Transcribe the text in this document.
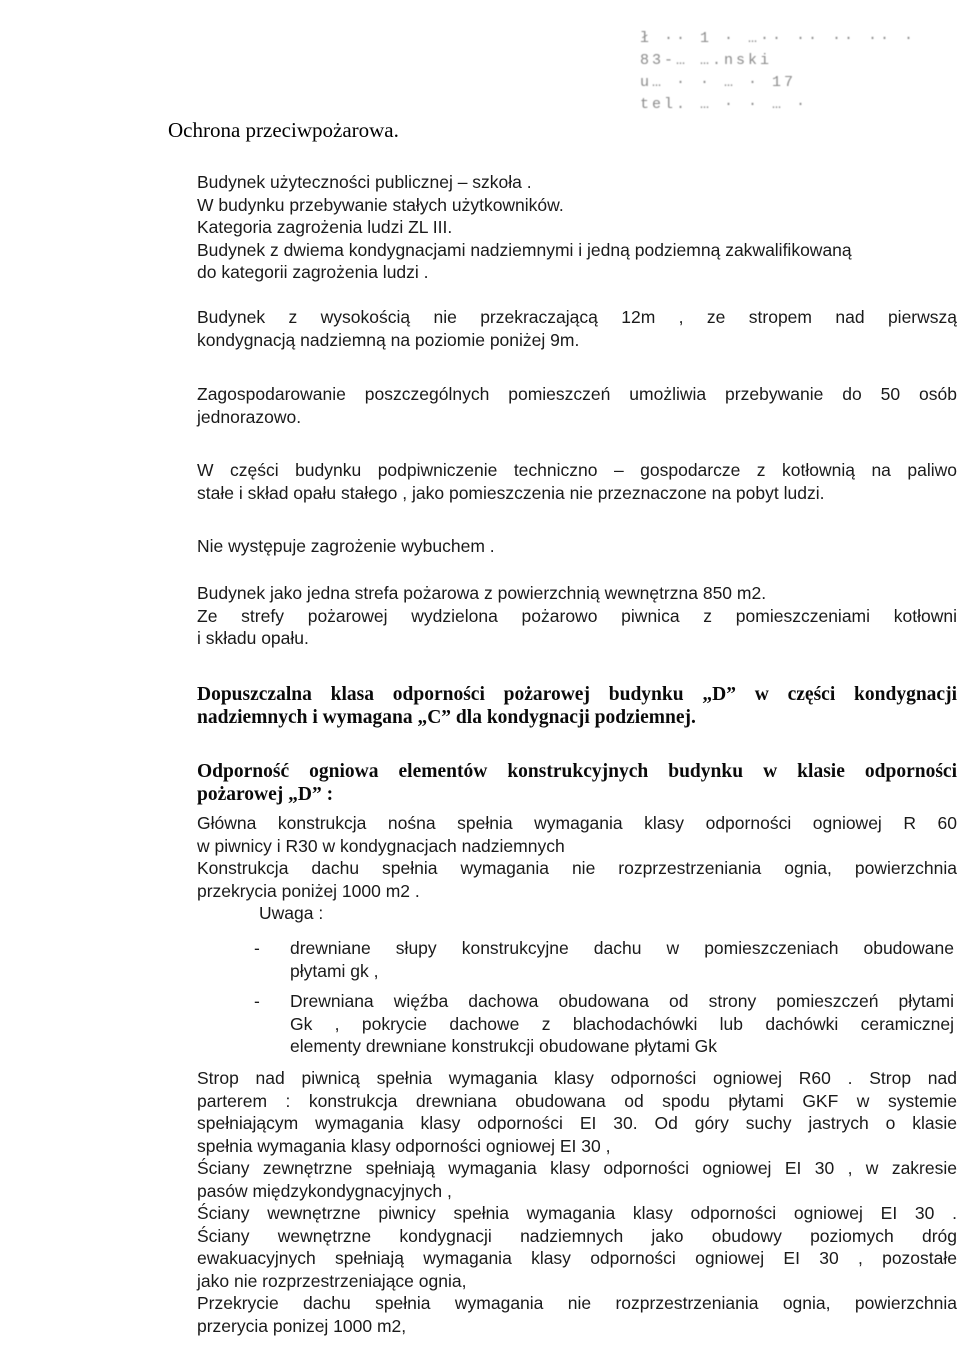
ł ·· 1 · …·· ·· ·· ·· ·
83-… ….nski
u… · · … · 17
tel. … · · … ·
Ochrona przeciwpożarowa.
Budynek użyteczności publicznej – szkoła .
W budynku przebywanie stałych użytkowników.
Kategoria zagrożenia ludzi ZL III.
Budynek z dwiema kondygnacjami nadziemnymi i jedną podziemną zakwalifikowaną
do kategorii zagrożenia ludzi .
Budynek z wysokością nie przekraczającą 12m , ze stropem nad pierwszą
kondygnacją nadziemną na poziomie poniżej 9m.
Zagospodarowanie poszczególnych pomieszczeń umożliwia przebywanie do 50 osób
jednorazowo.
W części budynku podpiwniczenie techniczno – gospodarcze z kotłownią na paliwo
stałe i skład opału stałego , jako pomieszczenia nie przeznaczone na pobyt ludzi.
Nie występuje zagrożenie wybuchem .
Budynek jako jedna strefa pożarowa z powierzchnią wewnętrzna 850 m2.
Ze strefy pożarowej wydzielona pożarowo piwnica z pomieszczeniami kotłowni
i składu opału.
Dopuszczalna klasa odporności pożarowej budynku „D” w części kondygnacji
nadziemnych i wymagana „C” dla kondygnacji podziemnej.
Odporność ogniowa elementów konstrukcyjnych budynku w klasie odporności
pożarowej „D” :
Główna konstrukcja nośna spełnia wymagania klasy odporności ogniowej R 60
w piwnicy i R30 w kondygnacjach nadziemnych
Konstrukcja dachu spełnia wymagania nie rozprzestrzeniania ognia, powierzchnia
przekrycia poniżej 1000 m2 .
Uwaga :
- drewniane słupy konstrukcyjne dachu w pomieszczeniach obudowane
płytami gk ,
- Drewniana więźba dachowa obudowana od strony pomieszczeń płytami
Gk , pokrycie dachowe z blachodachówki lub dachówki ceramicznej
elementy drewniane konstrukcji obudowane płytami Gk
Strop nad piwnicą spełnia wymagania klasy odporności ogniowej R60 . Strop nad
parterem : konstrukcja drewniana obudowana od spodu płytami GKF w systemie
spełniającym wymagania klasy odporności EI 30. Od góry suchy jastrych o klasie
spełnia wymagania klasy odporności ogniowej EI 30 ,
Ściany zewnętrzne spełniają wymagania klasy odporności ogniowej EI 30 , w zakresie
pasów międzykondygnacyjnych ,
Ściany wewnętrzne piwnicy spełnia wymagania klasy odporności ogniowej EI 30 .
Ściany wewnętrzne kondygnacji nadziemnych jako obudowy poziomych dróg
ewakuacyjnych spełniają wymagania klasy odporności ogniowej EI 30 , pozostałe
jako nie rozprzestrzeniające ognia,
Przekrycie dachu spełnia wymagania nie rozprzestrzeniania ognia, powierzchnia
przerycia ponizej 1000 m2,
